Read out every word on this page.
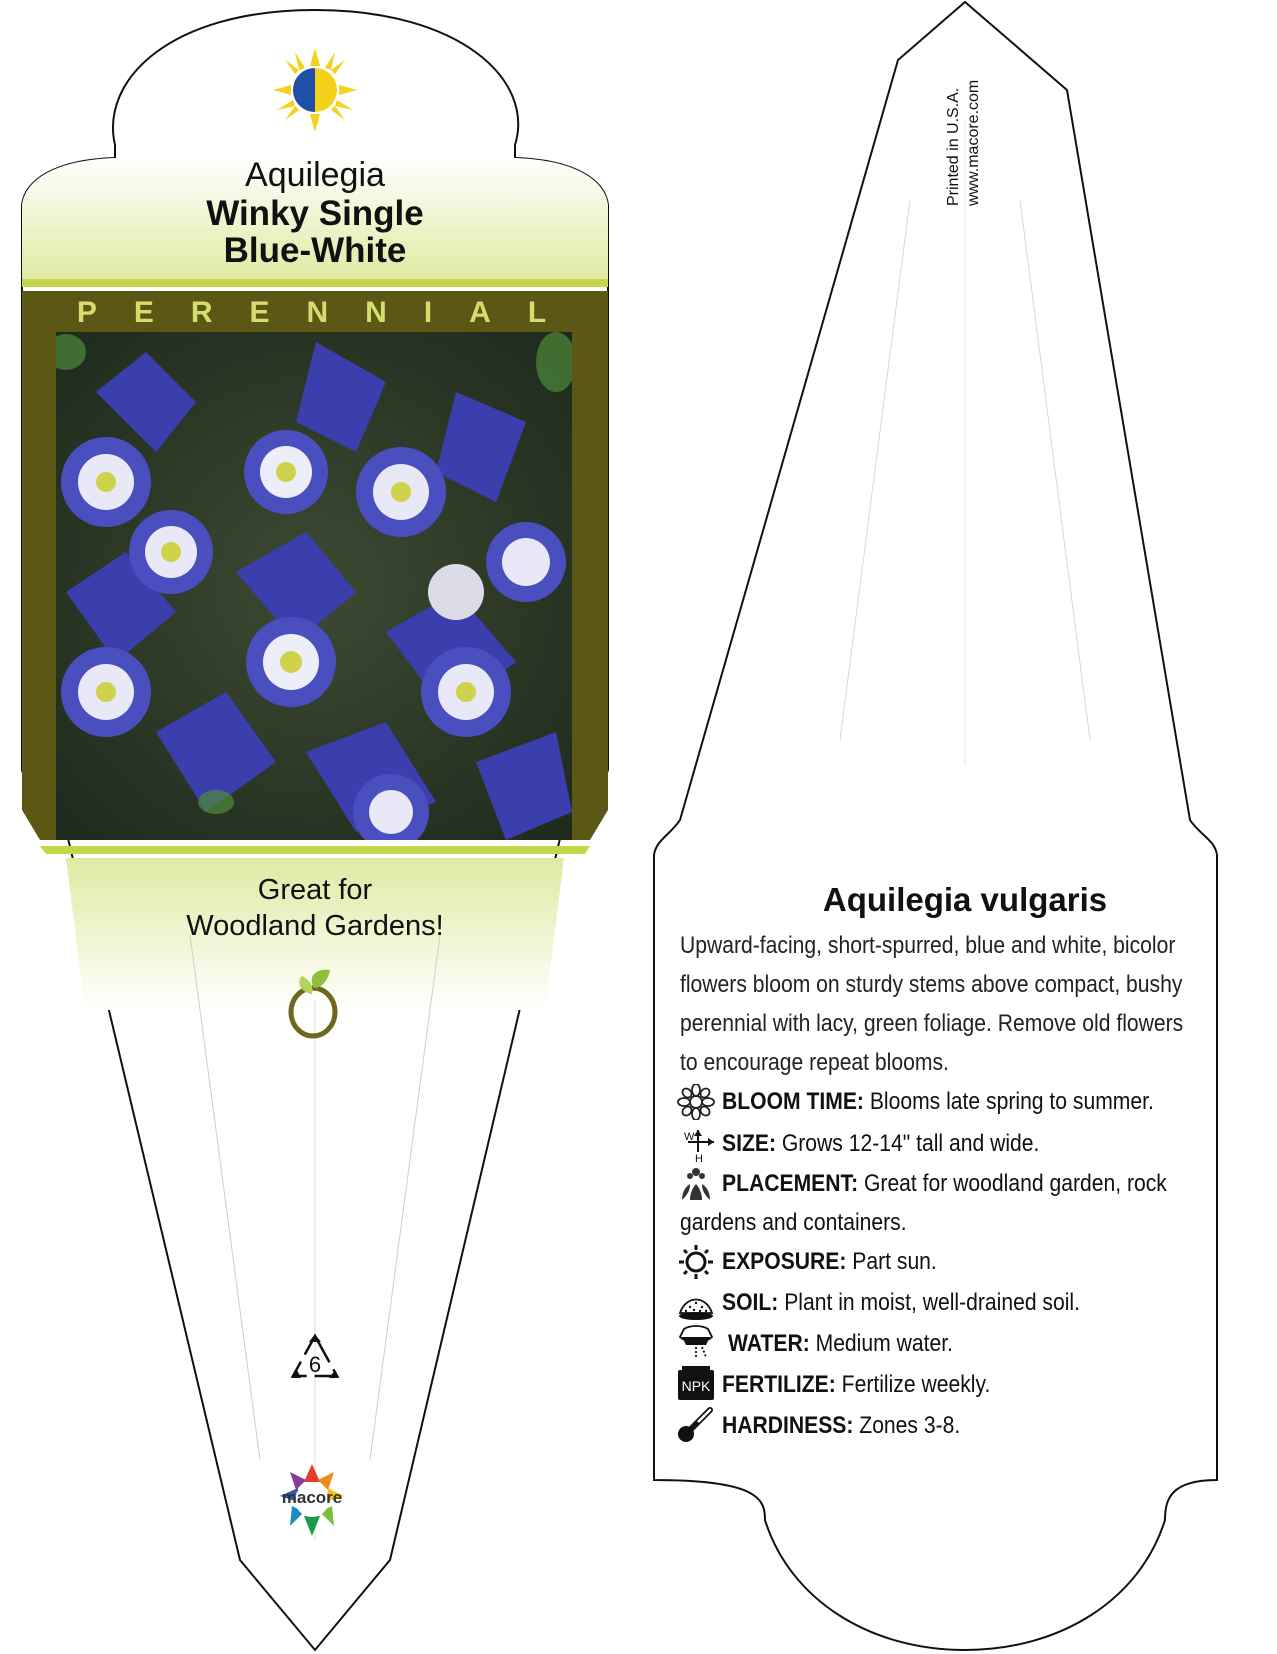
Aquilegia
Winky Single
Blue-White
PERENNIAL
Great for
Woodland Gardens!
6
macore
Printed in U.S.A. www.macore.com
Aquilegia vulgaris
Upward-facing, short-spurred, blue and white, bicolor
flowers bloom on sturdy stems above compact, bushy
perennial with lacy, green foliage. Remove old flowers
to encourage repeat blooms.
W
H
NPK
BLOOM TIME: Blooms late spring to summer.
SIZE: Grows 12-14" tall and wide.
PLACEMENT: Great for woodland garden, rock
gardens and containers.
EXPOSURE: Part sun.
SOIL: Plant in moist, well-drained soil.
WATER: Medium water.
FERTILIZE: Fertilize weekly.
HARDINESS: Zones 3-8.
